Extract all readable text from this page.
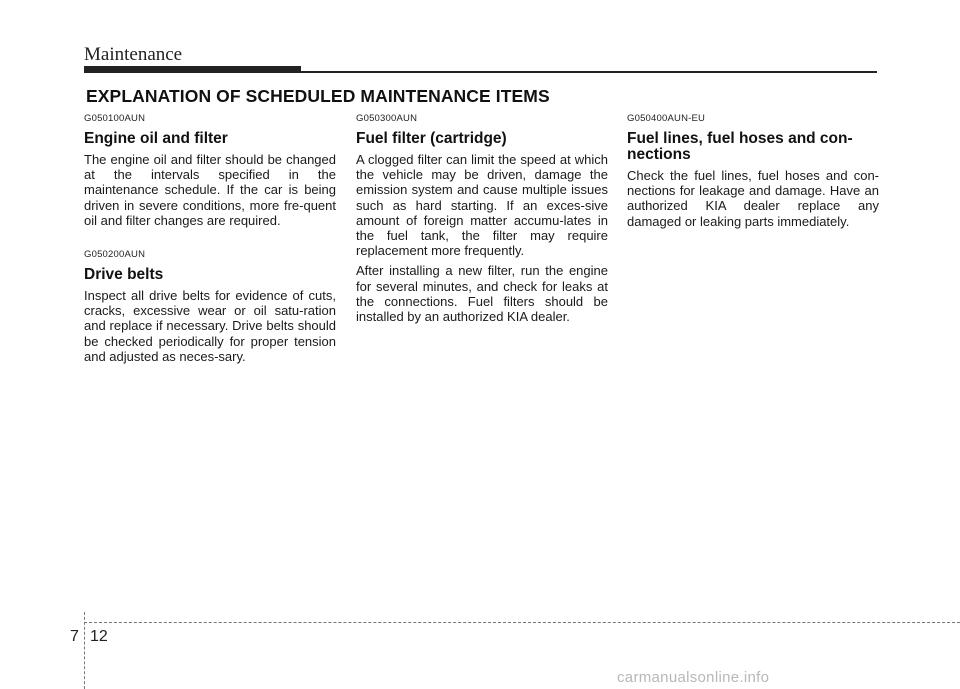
Maintenance
EXPLANATION OF SCHEDULED MAINTENANCE ITEMS
G050100AUN
Engine oil and filter

The engine oil and filter should be changed at the intervals specified in the maintenance schedule. If the car is being driven in severe conditions, more fre-quent oil and filter changes are required.

G050200AUN
Drive belts

Inspect all drive belts for evidence of cuts, cracks, excessive wear or oil satu-ration and replace if necessary. Drive belts should be checked periodically for proper tension and adjusted as neces-sary.

G050300AUN
Fuel filter (cartridge)

A clogged filter can limit the speed at which the vehicle may be driven, damage the emission system and cause multiple issues such as hard starting. If an exces-sive amount of foreign matter accumu-lates in the fuel tank, the filter may require replacement more frequently.

After installing a new filter, run the engine for several minutes, and check for leaks at the connections. Fuel filters should be installed by an authorized KIA dealer.

G050400AUN-EU
Fuel lines, fuel hoses and con-nections

Check the fuel lines, fuel hoses and con-nections for leakage and damage. Have an authorized KIA dealer replace any damaged or leaking parts immediately.

7 12
carmanualsonline.info
